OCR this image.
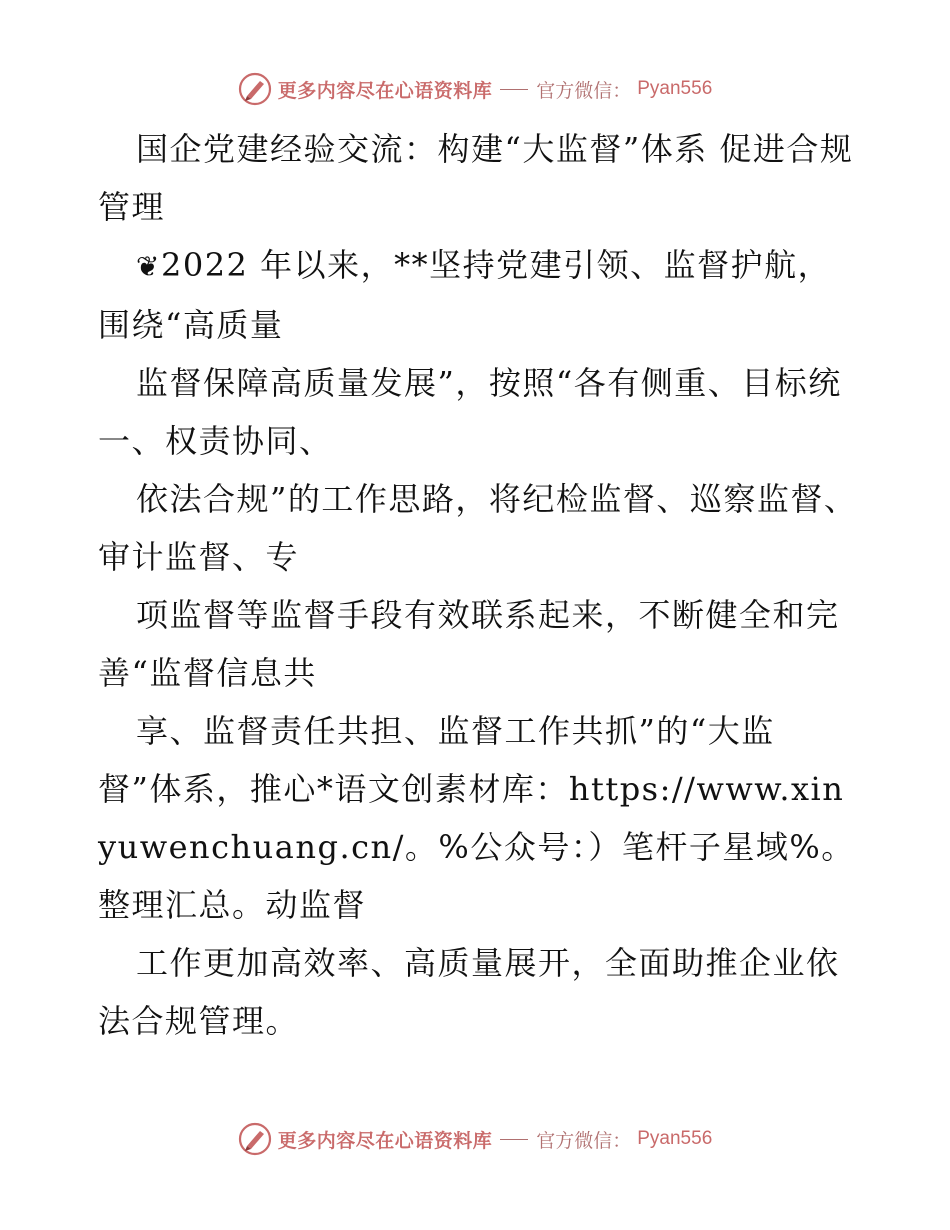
更多内容尽在心语资料库 官方微信： Pyan556

国企党建经验交流：构建“大监督”体系 促进合规管理

❦2022 年以来，**坚持党建引领、监督护航，围绕“高质量

监督保障高质量发展”，按照“各有侧重、目标统一、权责协同、

依法合规”的工作思路，将纪检监督、巡察监督、审计监督、专

项监督等监督手段有效联系起来，不断健全和完善“监督信息共

享、监督责任共担、监督工作共抓”的“大监督”体系，推心*语文创素材库：https://www.xinyuwenchuang.cn/。%公众号：）笔杆子星域%。整理汇总。动监督

工作更加高效率、高质量展开，全面助推企业依法合规管理。

更多内容尽在心语资料库 官方微信： Pyan556
